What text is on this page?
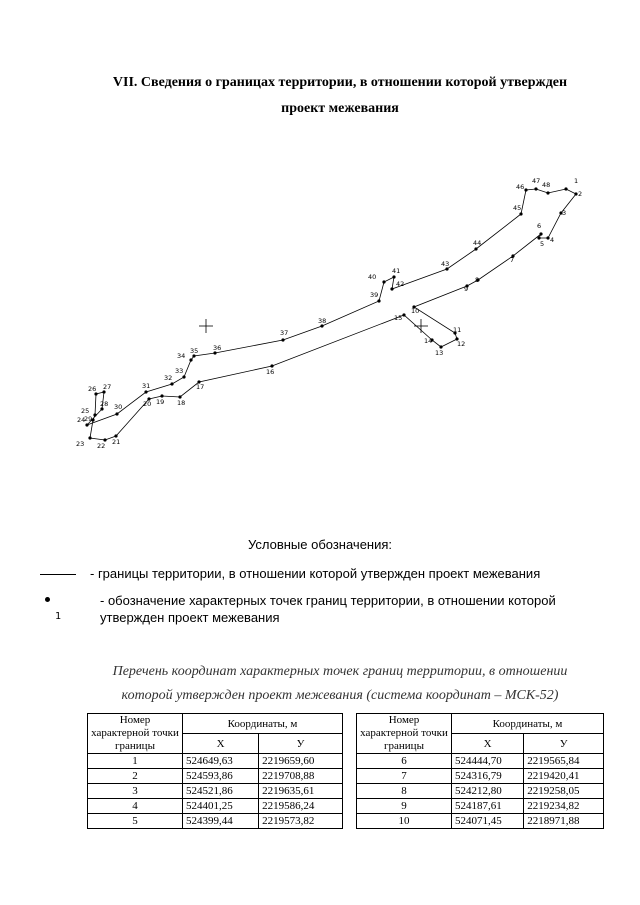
VII. Сведения о границах территории, в отношении которой утвержден
проект межевания
1
2
3
4
5
6
7
8
9
10
11
12
13
14
15
16
17
18
19
20
21
22
23
24
25
26 27
28
29
30
31
32
33
34
35 36
37
38
39
40
41
42
43
44
45
46
47 48
Условные обозначения:
- границы территории, в отношении которой утвержден проект межевания
1
- обозначение характерных точек границ территории, в отношении которой
утвержден проект межевания
Перечень координат характерных точек границ территории, в отношении
которой утвержден проект межевания (система координат – МСК-52)
Номер характерной точки границы	Координаты, м	
	X	У
1	524649,63	2219659,60
2	524593,86	2219708,88
3	524521,86	2219635,61
4	524401,25	2219586,24
5	524399,44	2219573,82
Номер характерной точки границы	Координаты, м	
	X	У
6	524444,70	2219565,84
7	524316,79	2219420,41
8	524212,80	2219258,05
9	524187,61	2219234,82
10	524071,45	2218971,88
